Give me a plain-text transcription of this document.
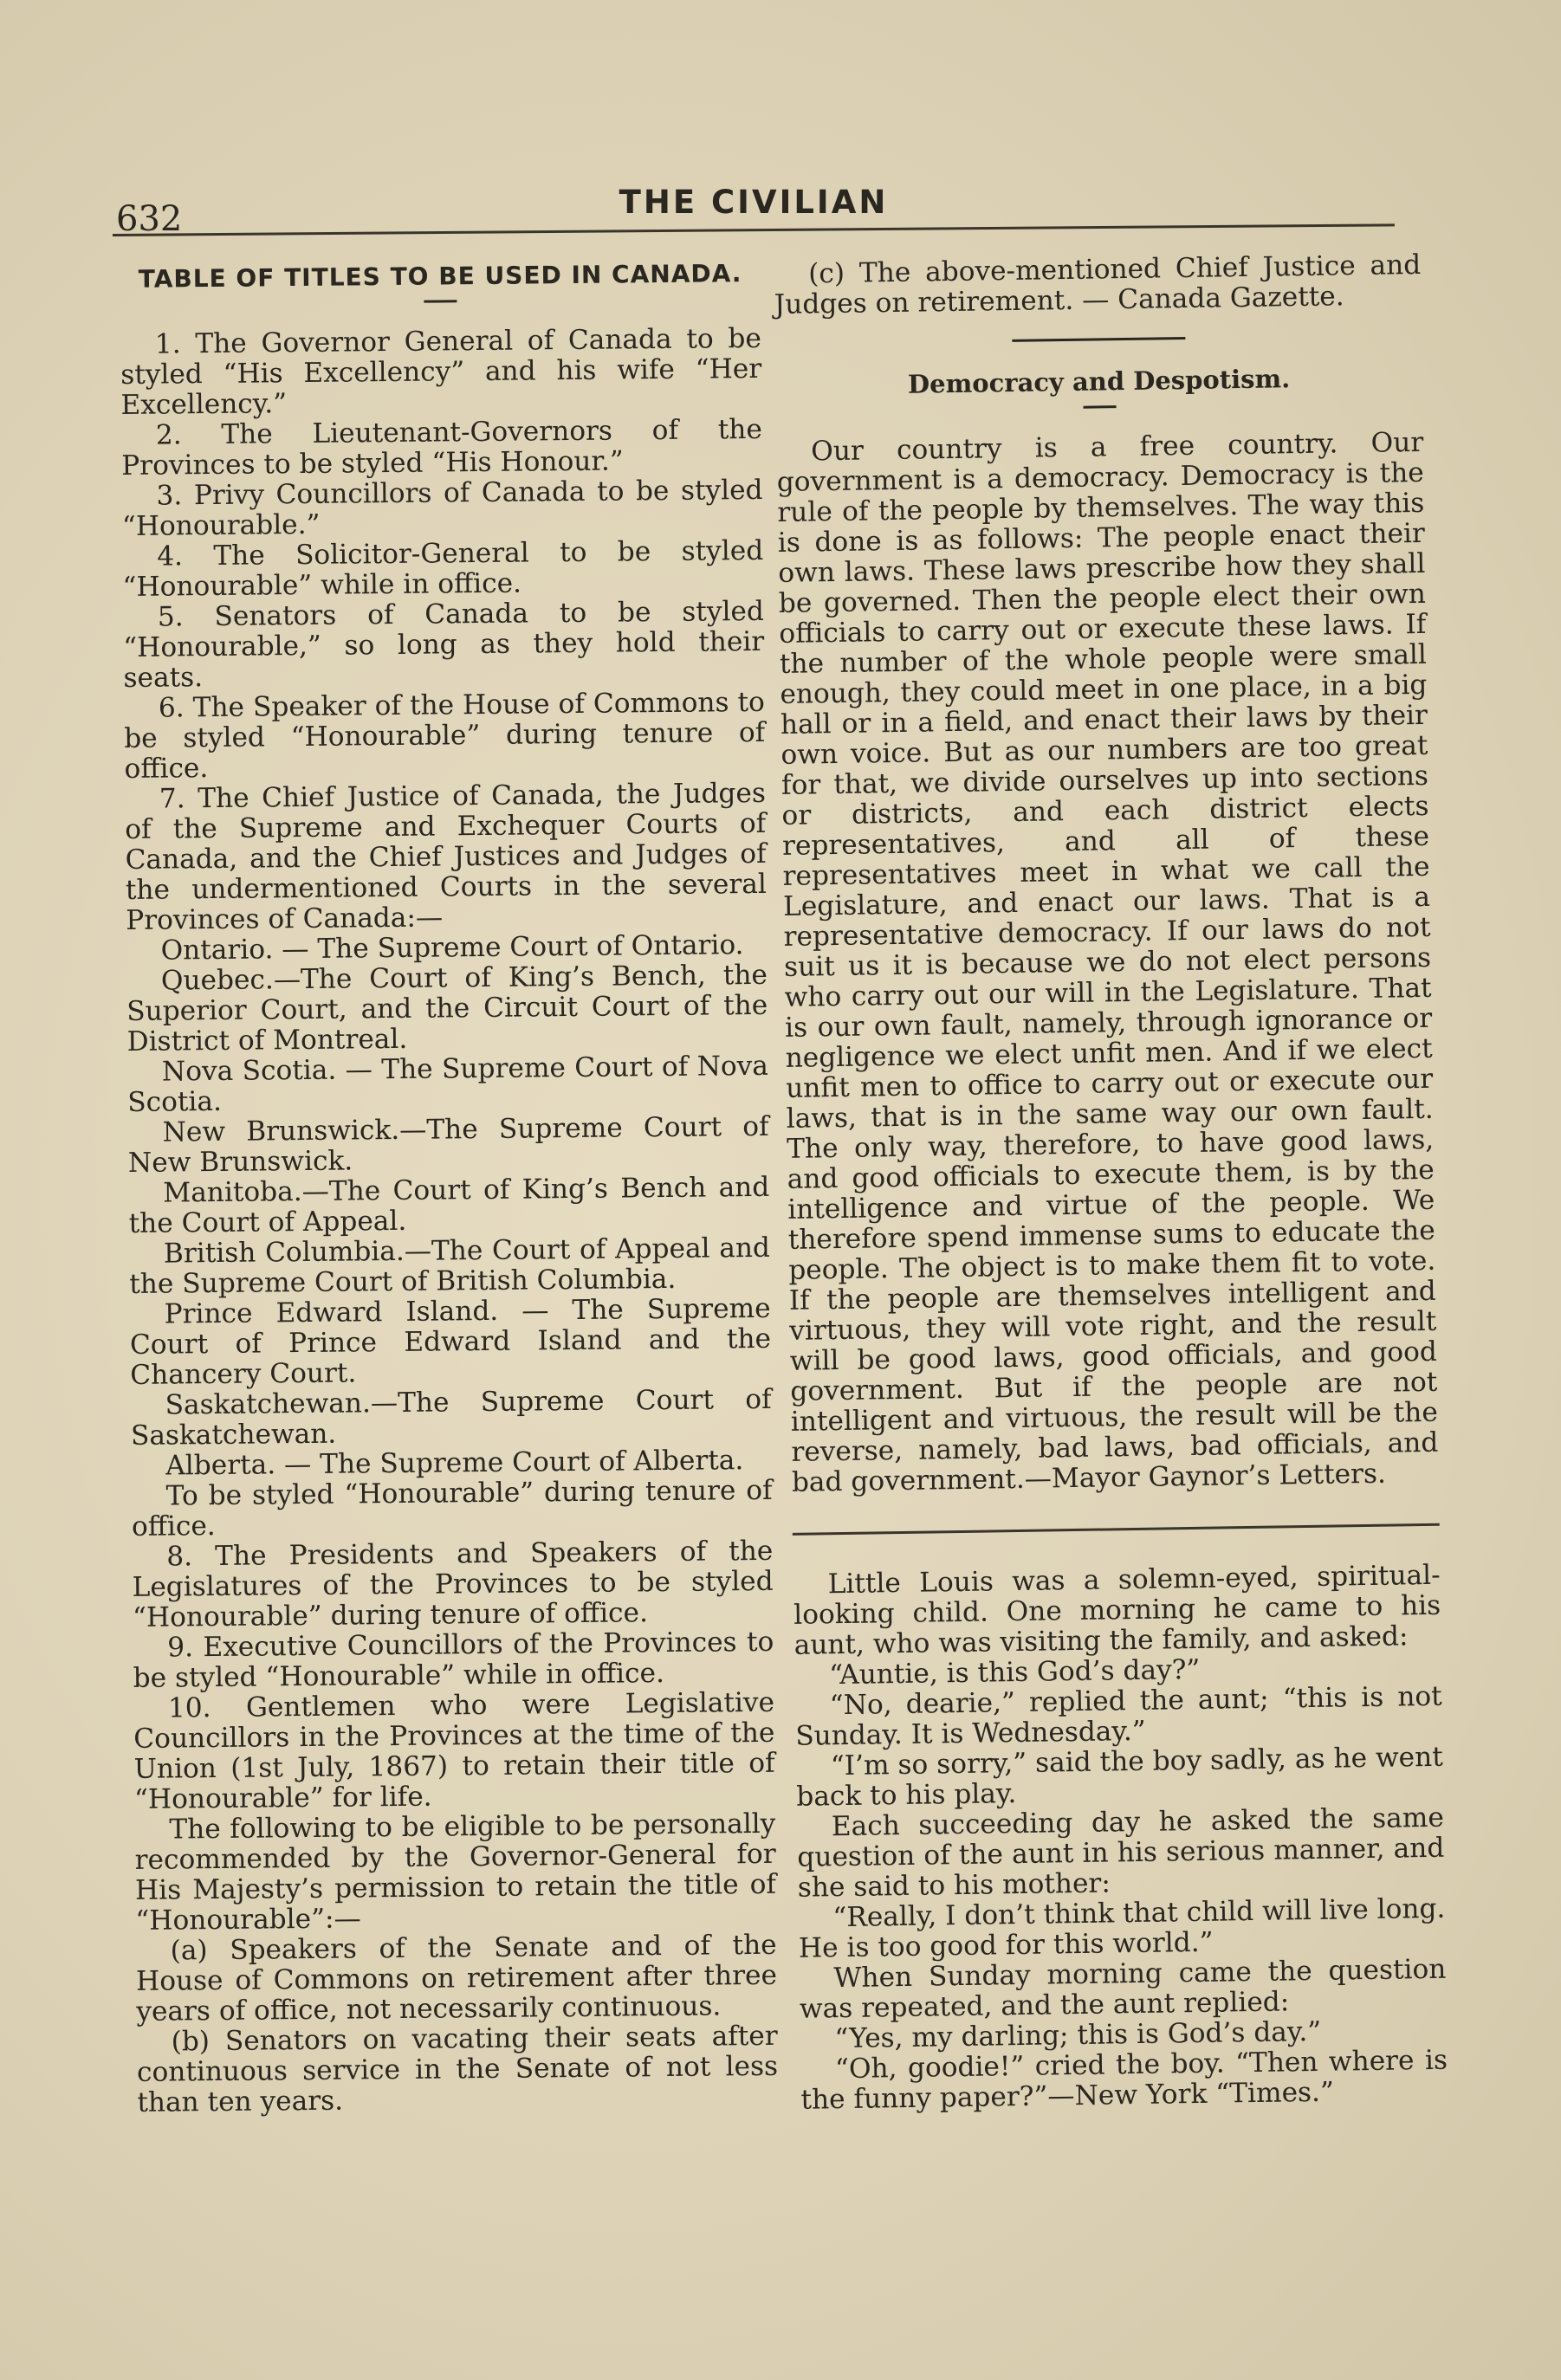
632	THE CIVILIAN
TABLE OF TITLES TO BE USED IN CANADA.

1. The Governor General of Canada to be styled “His Excellency” and his wife “Her Excellency.”

2. The Lieutenant-Governors of the Provinces to be styled “His Honour.”

3. Privy Councillors of Canada to be styled “Honourable.”

4. The Solicitor-General to be styled “Honourable” while in office.

5. Senators of Canada to be styled “Honourable,” so long as they hold their seats.

6. The Speaker of the House of Commons to be styled “Honourable” during tenure of office.

7. The Chief Justice of Canada, the Judges of the Supreme and Exchequer Courts of Canada, and the Chief Justices and Judges of the undermentioned Courts in the several Provinces of Canada:—

Ontario. — The Supreme Court of Ontario.

Quebec.—The Court of King’s Bench, the Superior Court, and the Circuit Court of the District of Montreal.

Nova Scotia. — The Supreme Court of Nova Scotia.

New Brunswick.—The Supreme Court of New Brunswick.

Manitoba.—The Court of King’s Bench and the Court of Appeal.

British Columbia.—The Court of Appeal and the Supreme Court of British Columbia.

Prince Edward Island. — The Supreme Court of Prince Edward Island and the Chancery Court.

Saskatchewan.—The Supreme Court of Saskatchewan.

Alberta. — The Supreme Court of Alberta.

To be styled “Honourable” during tenure of office.

8. The Presidents and Speakers of the Legislatures of the Provinces to be styled “Honourable” during tenure of office.

9. Executive Councillors of the Provinces to be styled “Honourable” while in office.

10. Gentlemen who were Legislative Councillors in the Provinces at the time of the Union (1st July, 1867) to retain their title of “Honourable” for life.

The following to be eligible to be personally recommended by the Governor-General for His Majesty’s permission to retain the title of “Honourable”:—

(a) Speakers of the Senate and of the House of Commons on retirement after three years of office, not necessarily continuous.

(b) Senators on vacating their seats after continuous service in the Senate of not less than ten years.

(c) The above-mentioned Chief Justice and Judges on retirement. — Canada Gazette.

Democracy and Despotism.

Our country is a free country. Our government is a democracy. Democracy is the rule of the people by themselves. The way this is done is as follows: The people enact their own laws. These laws prescribe how they shall be governed. Then the people elect their own officials to carry out or execute these laws. If the number of the whole people were small enough, they could meet in one place, in a big hall or in a field, and enact their laws by their own voice. But as our numbers are too great for that, we divide ourselves up into sections or districts, and each district elects representatives, and all of these representatives meet in what we call the Legislature, and enact our laws. That is a representative democracy. If our laws do not suit us it is because we do not elect persons who carry out our will in the Legislature. That is our own fault, namely, through ignorance or negligence we elect unfit men. And if we elect unfit men to office to carry out or execute our laws, that is in the same way our own fault. The only way, therefore, to have good laws, and good officials to execute them, is by the intelligence and virtue of the people. We therefore spend immense sums to educate the people. The object is to make them fit to vote. If the people are themselves intelligent and virtuous, they will vote right, and the result will be good laws, good officials, and good government. But if the people are not intelligent and virtuous, the result will be the reverse, namely, bad laws, bad officials, and bad government.—Mayor Gaynor’s Letters.

Little Louis was a solemn-eyed, spiritual-looking child. One morning he came to his aunt, who was visiting the family, and asked:

“Auntie, is this God’s day?”

“No, dearie,” replied the aunt; “this is not Sunday. It is Wednesday.”

“I’m so sorry,” said the boy sadly, as he went back to his play.

Each succeeding day he asked the same question of the aunt in his serious manner, and she said to his mother:

“Really, I don’t think that child will live long. He is too good for this world.”

When Sunday morning came the question was repeated, and the aunt replied:

“Yes, my darling; this is God’s day.”

“Oh, goodie!” cried the boy. “Then where is the funny paper?”—New York “Times.”
